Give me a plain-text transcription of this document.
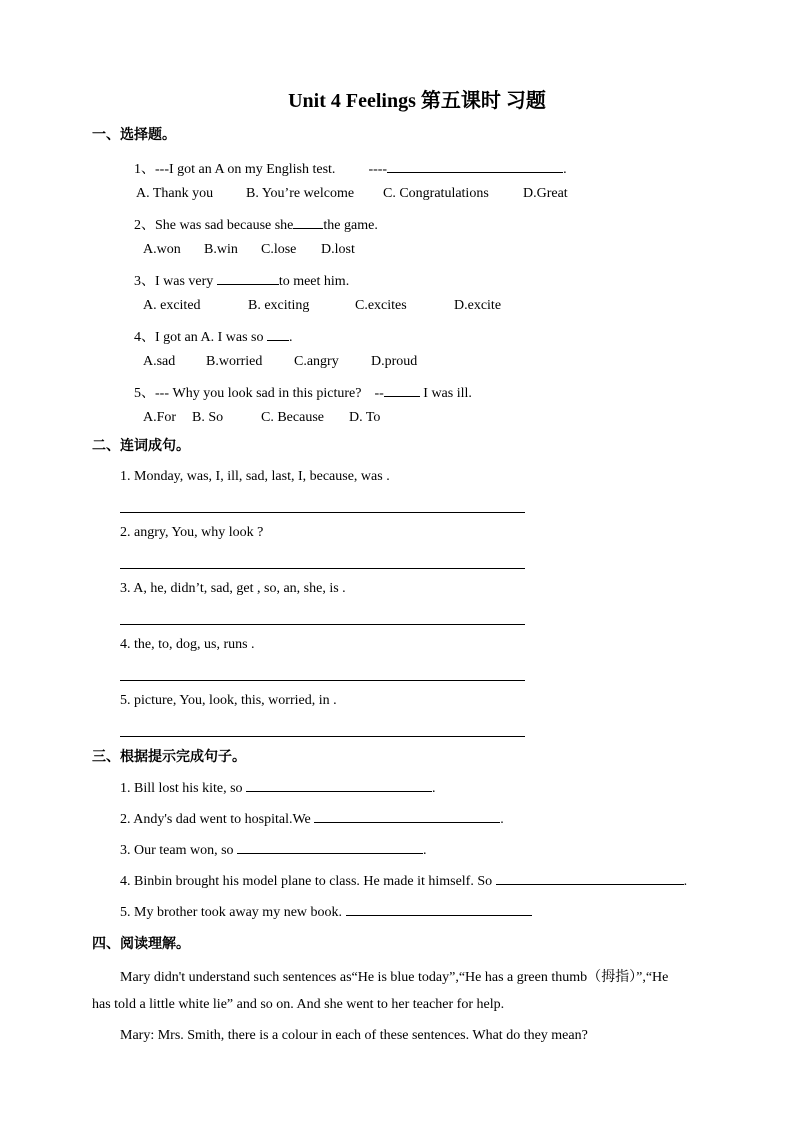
Unit 4 Feelings 第五课时 习题
一、选择题。
1、---I got an A on my English test. ----	.
A. Thank you B. You’re welcome C. Congratulations D.Great
2、She was sad because she the game.
A.won B.win C.lose D.lost
3、I was very	to meet him.
A. excited	B. exciting	C.excites	D.excite
4、I got an A. I was so .
A.sad B.worried C.angry D.proud
5、--- Why you look sad in this picture? --	I was ill.
A.For B. So	C. Because D. To
二、连词成句。
1. Monday, was, I, ill, sad, last, I, because, was .
2. angry, You, why look ?
3. A, he, didn’t, sad, get , so, an, she, is .
4. the, to, dog, us, runs .
5. picture, You, look, this, worried, in .
三、根据提示完成句子。
1. Bill lost his kite, so	.
2. Andy's dad went to hospital.We	.
3. Our team won, so	.
4. Binbin brought his model plane to class. He made it himself. So	.
5. My brother took away my new book.
四、阅读理解。
Mary didn't understand such sentences as“He is blue today”,“He has a green thumb（拇指）”,“He
has told a little white lie” and so on. And she went to her teacher for help.
Mary: Mrs. Smith, there is a colour in each of these sentences. What do they mean?
